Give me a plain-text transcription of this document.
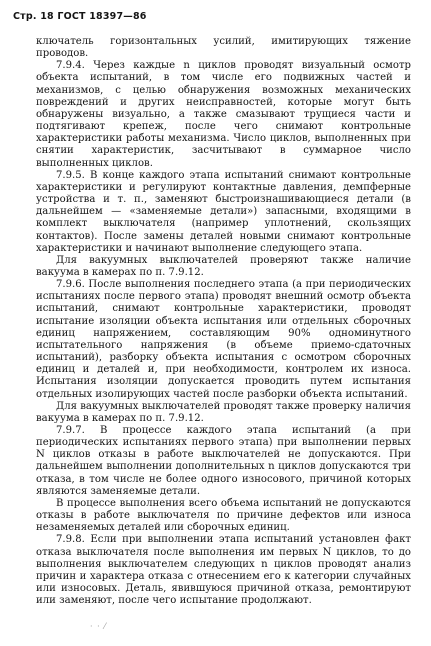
Стр. 18 ГОСТ 18397—86

ключатель горизонтальных усилий, имитирующих тяжение проводов.

7.9.4. Через каждые n циклов проводят визуальный осмотр объекта испытаний, в том числе его подвижных частей и механизмов, с целью обнаружения возможных механических повреждений и других неисправностей, которые могут быть обнаружены визуально, а также смазывают трущиеся части и подтягивают крепеж, после чего снимают контрольные характеристики работы механизма. Число циклов, выполненных при снятии характеристик, засчитывают в суммарное число выполненных циклов.

7.9.5. В конце каждого этапа испытаний снимают контрольные характеристики и регулируют контактные давления, демпферные устройства и т. п., заменяют быстроизнашивающиеся детали (в дальнейшем — «заменяемые детали») запасными, входящими в комплект выключателя (например уплотнений, скользящих контактов). После замены деталей новыми снимают контрольные характеристики и начинают выполнение следующего этапа.

Для вакуумных выключателей проверяют также наличие вакуума в камерах по п. 7.9.12.

7.9.6. После выполнения последнего этапа (а при периодических испытаниях после первого этапа) проводят внешний осмотр объекта испытаний, снимают контрольные характеристики, проводят испытание изоляции объекта испытания или отдельных сборочных единиц напряжением, составляющим 90% одноминутного испытательного напряжения (в объеме приемо-сдаточных испытаний), разборку объекта испытания с осмотром сборочных единиц и деталей и, при необходимости, контролем их износа. Испытания изоляции допускается проводить путем испытания отдельных изолирующих частей после разборки объекта испытаний.

Для вакуумных выключателей проводят также проверку наличия вакуума в камерах по п. 7.9.12.

7.9.7. В процессе каждого этапа испытаний (а при периодических испытаниях первого этапа) при выполнении первых N циклов отказы в работе выключателей не допускаются. При дальнейшем выполнении дополнительных n циклов допускаются три отказа, в том числе не более одного износового, причиной которых являются заменяемые детали.

В процессе выполнения всего объема испытаний не допускаются отказы в работе выключателя по причине дефектов или износа незаменяемых деталей или сборочных единиц.

7.9.8. Если при выполнении этапа испытаний установлен факт отказа выключателя после выполнения им первых N циклов, то до выполнения выключателем следующих n циклов проводят анализ причин и характера отказа с отнесением его к категории случайных или износовых. Деталь, явившуюся причиной отказа, ремонтируют или заменяют, после чего испытание продолжают.

· · ⁄
